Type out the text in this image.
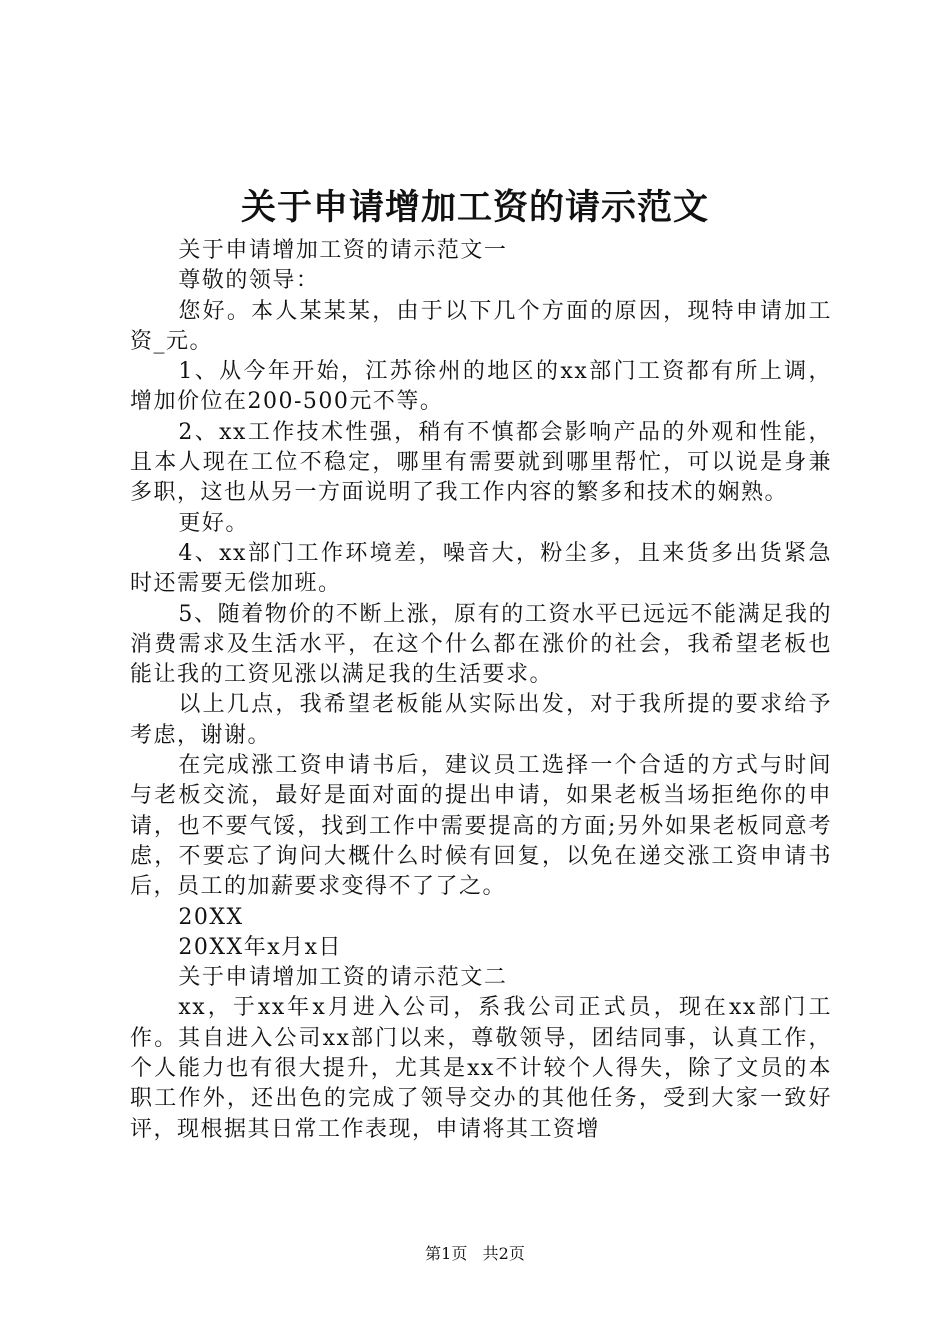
关于申请增加工资的请示范文

关于申请增加工资的请示范文一

尊敬的领导：

您好。本人某某某，由于以下几个方面的原因，现特申请加工资_元。

1、从今年开始，江苏徐州的地区的xx部门工资都有所上调，增加价位在200-500元不等。

2、xx工作技术性强，稍有不慎都会影响产品的外观和性能，且本人现在工位不稳定，哪里有需要就到哪里帮忙，可以说是身兼多职，这也从另一方面说明了我工作内容的繁多和技术的娴熟。

更好。

4、xx部门工作环境差，噪音大，粉尘多，且来货多出货紧急时还需要无偿加班。

5、随着物价的不断上涨，原有的工资水平已远远不能满足我的消费需求及生活水平，在这个什么都在涨价的社会，我希望老板也能让我的工资见涨以满足我的生活要求。

以上几点，我希望老板能从实际出发，对于我所提的要求给予考虑，谢谢。

在完成涨工资申请书后，建议员工选择一个合适的方式与时间与老板交流，最好是面对面的提出申请，如果老板当场拒绝你的申请，也不要气馁，找到工作中需要提高的方面;另外如果老板同意考虑，不要忘了询问大概什么时候有回复，以免在递交涨工资申请书后，员工的加薪要求变得不了了之。

20XX

20XX年x月x日

关于申请增加工资的请示范文二

xx，于xx年x月进入公司，系我公司正式员，现在xx部门工作。其自进入公司xx部门以来，尊敬领导，团结同事，认真工作，个人能力也有很大提升，尤其是xx不计较个人得失，除了文员的本职工作外，还出色的完成了领导交办的其他任务，受到大家一致好评，现根据其日常工作表现，申请将其工资增

第1页 共2页
